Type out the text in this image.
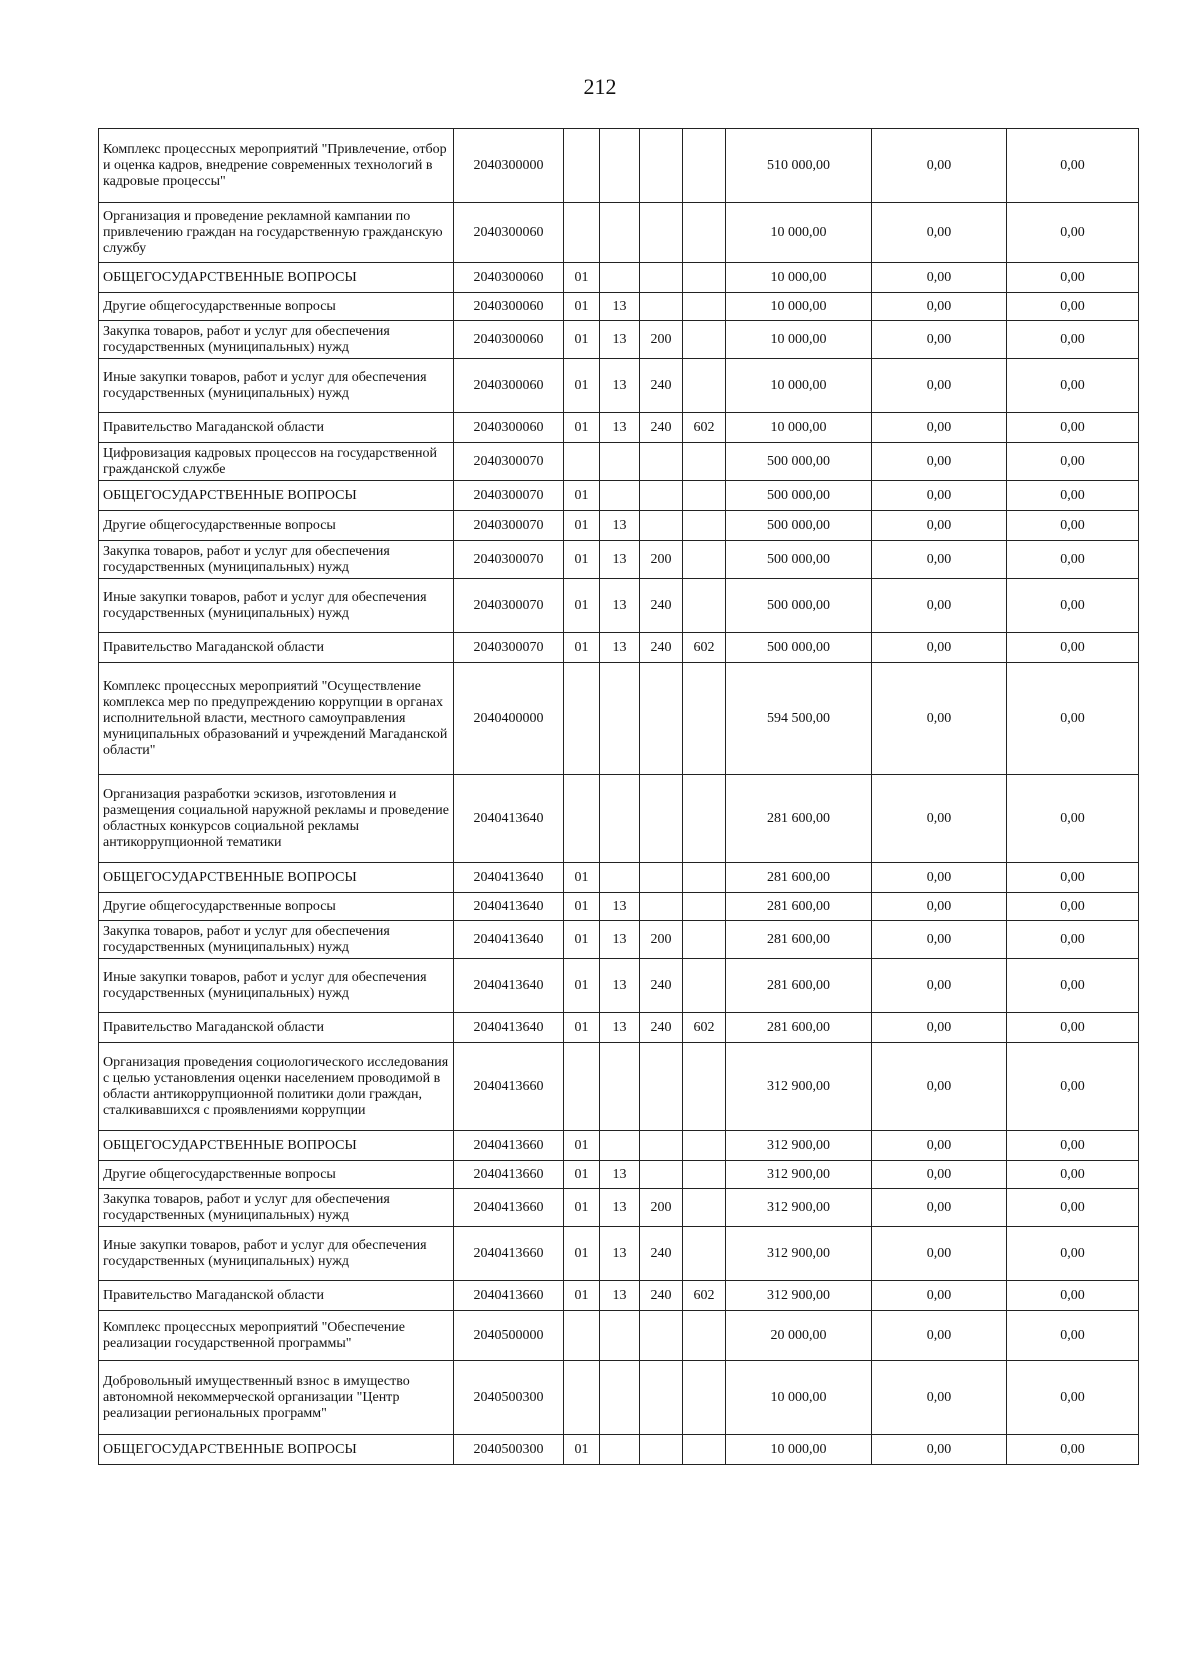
212
Комплекс процессных мероприятий "Привлечение, отбор и оценка кадров, внедрение современных технологий в кадровые процессы"	2040300000					510 000,00	0,00	0,00
Организация и проведение рекламной кампании по привлечению граждан на государственную гражданскую службу	2040300060					10 000,00	0,00	0,00
ОБЩЕГОСУДАРСТВЕННЫЕ ВОПРОСЫ	2040300060	01				10 000,00	0,00	0,00
Другие общегосударственные вопросы	2040300060	01	13			10 000,00	0,00	0,00
Закупка товаров, работ и услуг для обеспечения государственных (муниципальных) нужд	2040300060	01	13	200		10 000,00	0,00	0,00
Иные закупки товаров, работ и услуг для обеспечения государственных (муниципальных) нужд	2040300060	01	13	240		10 000,00	0,00	0,00
Правительство Магаданской области	2040300060	01	13	240	602	10 000,00	0,00	0,00
Цифровизация кадровых процессов на государственной гражданской службе	2040300070					500 000,00	0,00	0,00
ОБЩЕГОСУДАРСТВЕННЫЕ ВОПРОСЫ	2040300070	01				500 000,00	0,00	0,00
Другие общегосударственные вопросы	2040300070	01	13			500 000,00	0,00	0,00
Закупка товаров, работ и услуг для обеспечения государственных (муниципальных) нужд	2040300070	01	13	200		500 000,00	0,00	0,00
Иные закупки товаров, работ и услуг для обеспечения государственных (муниципальных) нужд	2040300070	01	13	240		500 000,00	0,00	0,00
Правительство Магаданской области	2040300070	01	13	240	602	500 000,00	0,00	0,00
Комплекс процессных мероприятий "Осуществление комплекса мер по предупреждению коррупции в органах исполнительной власти, местного самоуправления муниципальных образований и учреждений Магаданской области"	2040400000					594 500,00	0,00	0,00
Организация разработки эскизов, изготовления и размещения социальной наружной рекламы и проведение областных конкурсов социальной рекламы антикоррупционной тематики	2040413640					281 600,00	0,00	0,00
ОБЩЕГОСУДАРСТВЕННЫЕ ВОПРОСЫ	2040413640	01				281 600,00	0,00	0,00
Другие общегосударственные вопросы	2040413640	01	13			281 600,00	0,00	0,00
Закупка товаров, работ и услуг для обеспечения государственных (муниципальных) нужд	2040413640	01	13	200		281 600,00	0,00	0,00
Иные закупки товаров, работ и услуг для обеспечения государственных (муниципальных) нужд	2040413640	01	13	240		281 600,00	0,00	0,00
Правительство Магаданской области	2040413640	01	13	240	602	281 600,00	0,00	0,00
Организация проведения социологического исследования с целью установления оценки населением проводимой в области антикоррупционной политики доли граждан, сталкивавшихся с проявлениями коррупции	2040413660					312 900,00	0,00	0,00
ОБЩЕГОСУДАРСТВЕННЫЕ ВОПРОСЫ	2040413660	01				312 900,00	0,00	0,00
Другие общегосударственные вопросы	2040413660	01	13			312 900,00	0,00	0,00
Закупка товаров, работ и услуг для обеспечения государственных (муниципальных) нужд	2040413660	01	13	200		312 900,00	0,00	0,00
Иные закупки товаров, работ и услуг для обеспечения государственных (муниципальных) нужд	2040413660	01	13	240		312 900,00	0,00	0,00
Правительство Магаданской области	2040413660	01	13	240	602	312 900,00	0,00	0,00
Комплекс процессных мероприятий "Обеспечение реализации государственной программы"	2040500000					20 000,00	0,00	0,00
Добровольный имущественный взнос в имущество автономной некоммерческой организации "Центр реализации региональных программ"	2040500300					10 000,00	0,00	0,00
ОБЩЕГОСУДАРСТВЕННЫЕ ВОПРОСЫ	2040500300	01				10 000,00	0,00	0,00
